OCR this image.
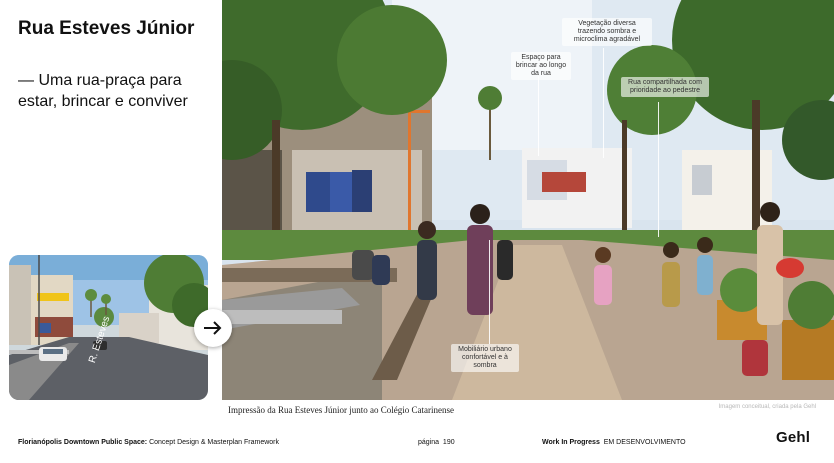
Rua Esteves Júnior
— Uma rua-praça para estar, brincar e conviver
R. Esteves
Vegetação diversa trazendo sombra e microclima agradável
Espaço para brincar ao longo da rua
Rua compartilhada com prioridade ao pedestre
Mobiliário urbano confortável e à sombra
Impressão da Rua Esteves Júnior junto ao Colégio Catarinense	Imagem conceitual, criada pela Gehl
Florianópolis Downtown Public Space: Concept Design & Masterplan Framework	página 190	Work In Progress EM DESENVOLVIMENTO	Gehl
